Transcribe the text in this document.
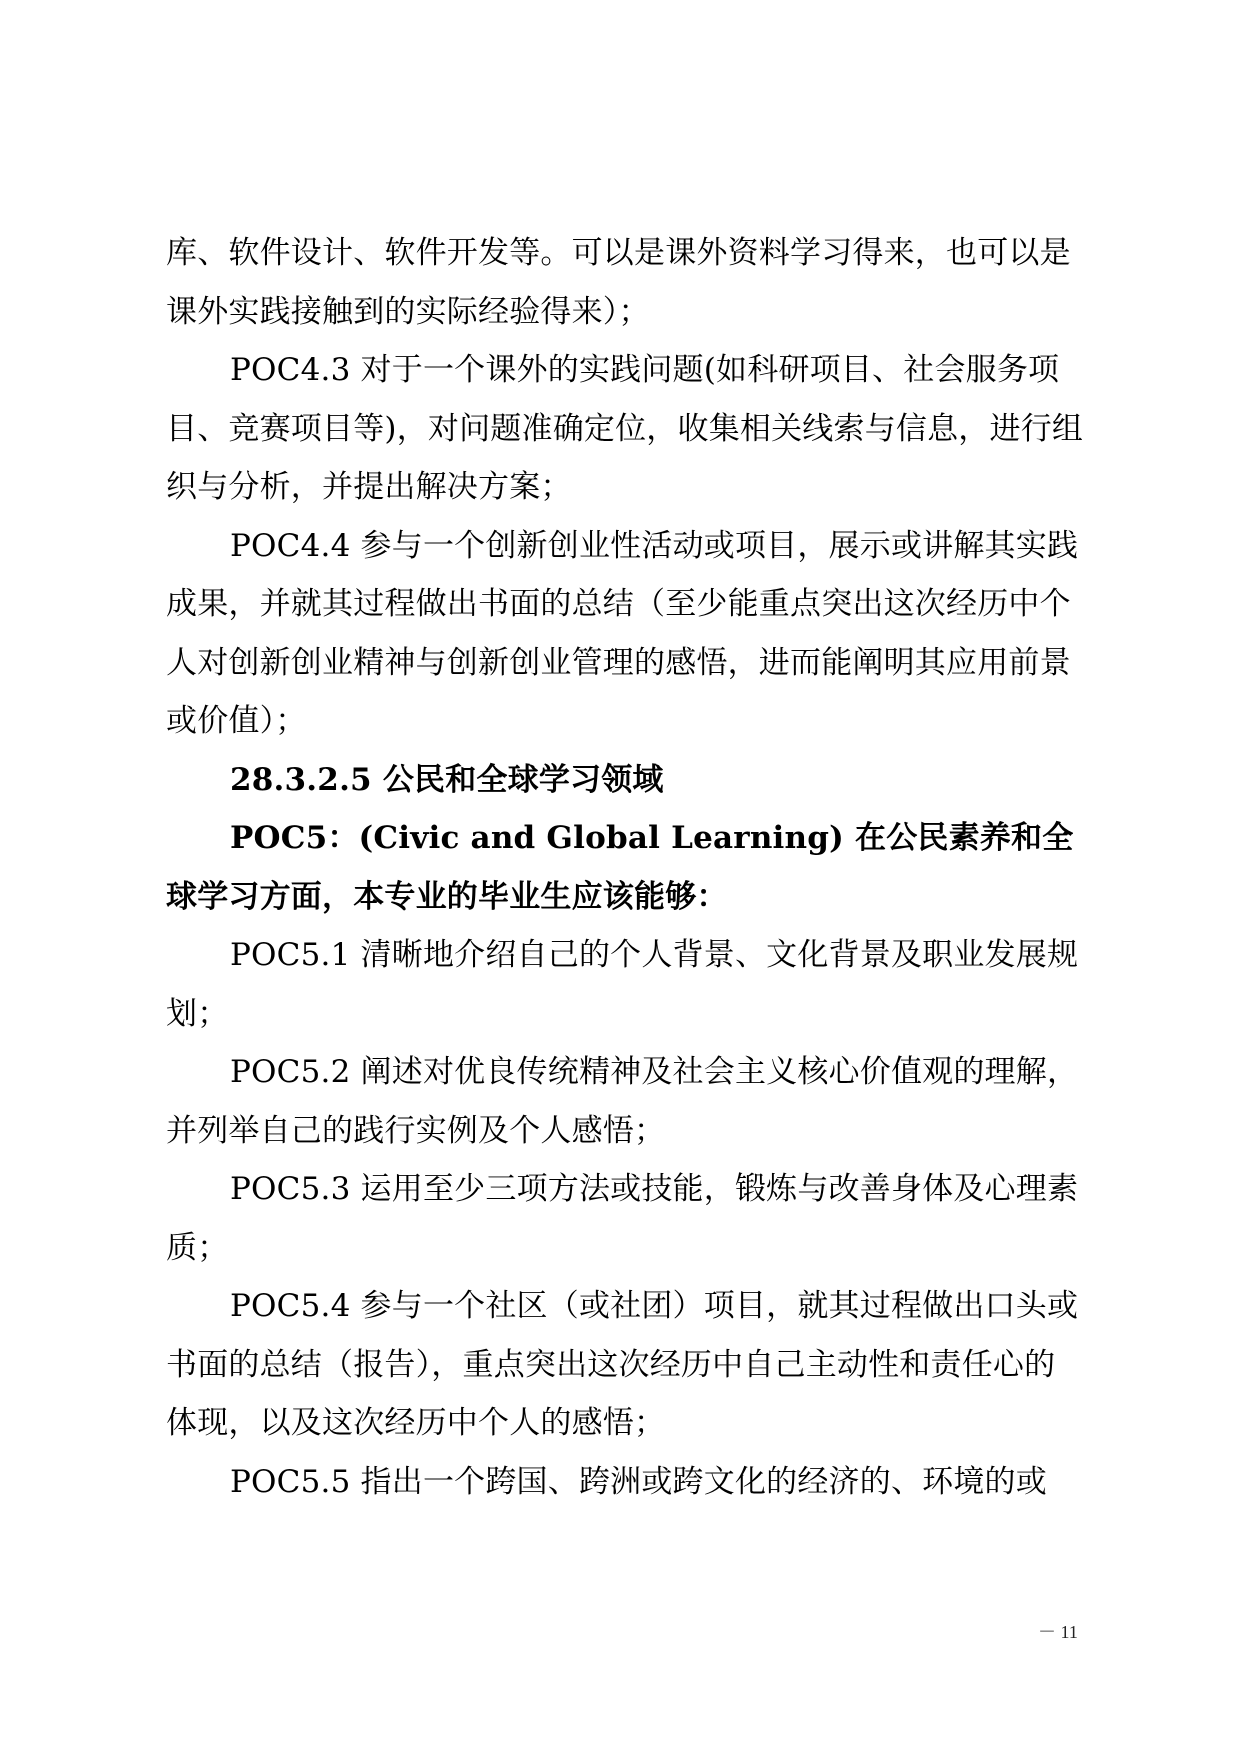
库、软件设计、软件开发等。可以是课外资料学习得来，也可以是课外实践接触到的实际经验得来）；

POC4.3 对于一个课外的实践问题(如科研项目、社会服务项目、竞赛项目等)，对问题准确定位，收集相关线索与信息，进行组织与分析，并提出解决方案；

POC4.4 参与一个创新创业性活动或项目，展示或讲解其实践成果，并就其过程做出书面的总结（至少能重点突出这次经历中个人对创新创业精神与创新创业管理的感悟，进而能阐明其应用前景或价值）；

28.3.2.5 公民和全球学习领域

POC5：(Civic and Global Learning) 在公民素养和全球学习方面，本专业的毕业生应该能够：

POC5.1 清晰地介绍自己的个人背景、文化背景及职业发展规划；

POC5.2 阐述对优良传统精神及社会主义核心价值观的理解，并列举自己的践行实例及个人感悟；

POC5.3 运用至少三项方法或技能，锻炼与改善身体及心理素质；

POC5.4 参与一个社区（或社团）项目，就其过程做出口头或书面的总结（报告），重点突出这次经历中自己主动性和责任心的体现，以及这次经历中个人的感悟；

POC5.5 指出一个跨国、跨洲或跨文化的经济的、环境的或

－ 11
